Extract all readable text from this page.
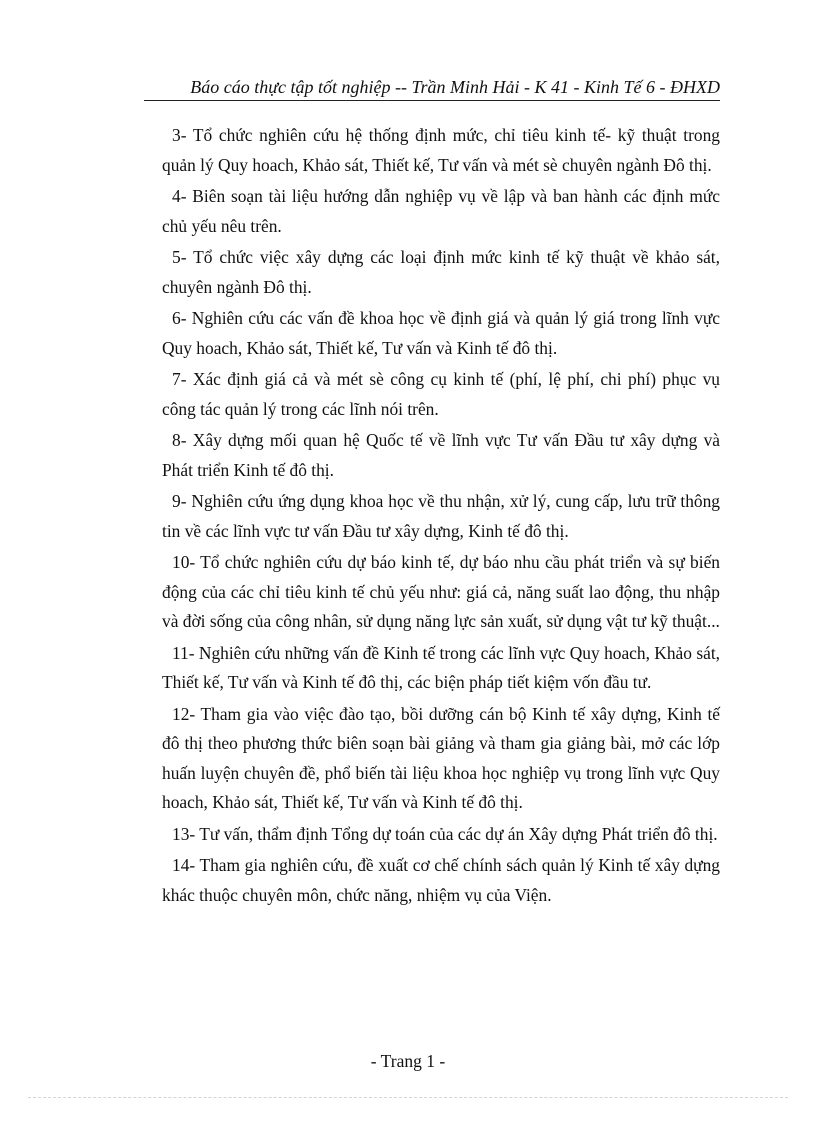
Báo cáo thực tập tốt nghiệp -- Trần Minh Hải - K 41 - Kinh Tế 6 - ĐHXD

3- Tổ chức nghiên cứu hệ thống định mức, chỉ tiêu kinh tế- kỹ thuật trong quản lý Quy hoach, Khảo sát, Thiết kế, Tư vấn và mét sè chuyên ngành Đô thị.

4- Biên soạn tài liệu hướng dẫn nghiệp vụ về lập và ban hành các định mức chủ yếu nêu trên.

5- Tổ chức việc xây dựng các loại định mức kinh tế kỹ thuật về khảo sát, chuyên ngành Đô thị.

6- Nghiên cứu các vấn đề khoa học về định giá và quản lý giá trong lĩnh vực Quy hoach, Khảo sát, Thiết kế, Tư vấn và Kinh tế đô thị.

7- Xác định giá cả và mét sè công cụ kinh tế (phí, lệ phí, chi phí) phục vụ công tác quản lý trong các lĩnh nói trên.

8- Xây dựng mối quan hệ Quốc tế về lĩnh vực Tư vấn Đầu tư xây dựng và Phát triển Kinh tế đô thị.

9- Nghiên cứu ứng dụng khoa học về thu nhận, xử lý, cung cấp, lưu trữ thông tin về các lĩnh vực tư vấn Đầu tư xây dựng, Kinh tế đô thị.

10- Tổ chức nghiên cứu dự báo kinh tế, dự báo nhu cầu phát triển và sự biến động của các chỉ tiêu kinh tế chủ yếu như: giá cả, năng suất lao động, thu nhập và đời sống của công nhân, sử dụng năng lực sản xuất, sử dụng vật tư kỹ thuật...

11- Nghiên cứu những vấn đề Kinh tế trong các lĩnh vực Quy hoach, Khảo sát, Thiết kế, Tư vấn và Kinh tế đô thị, các biện pháp tiết kiệm vốn đầu tư.

12- Tham gia vào việc đào tạo, bồi dưỡng cán bộ Kinh tế xây dựng, Kinh tế đô thị theo phương thức biên soạn bài giảng và tham gia giảng bài, mở các lớp huấn luyện chuyên đề, phổ biến tài liệu khoa học nghiệp vụ trong lĩnh vực Quy hoach, Khảo sát, Thiết kế, Tư vấn và Kinh tế đô thị.

13- Tư vấn, thẩm định Tổng dự toán của các dự án Xây dựng Phát triển đô thị.

14- Tham gia nghiên cứu, đề xuất cơ chế chính sách quản lý Kinh tế xây dựng khác thuộc chuyên môn, chức năng, nhiệm vụ của Viện.

- Trang 1 -
